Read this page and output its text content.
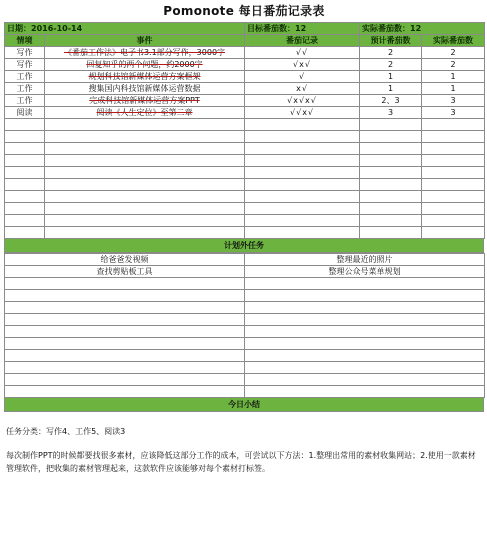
Pomonote 每日番茄记录表
日期：2016-10-14		目标番茄数：12	实际番茄数：12	
情境	事件	番茄记录	预计番茄数	实际番茄数
写作	《番茄工作法》电子书3.1部分写作，3000字	√√	2	2
写作	回复知乎的两个问题，约2000字	√x√	2	2
工作	规划科技馆新媒体运营方案框架	√	1	1
工作	搜集国内科技馆新媒体运营数据	x√	1	1
工作	完成科技馆新媒体运营方案PPT	√x√x√	2、3	3
阅读	阅读《人生定位》至第二章	√√x√	3	3

计划外任务
给爸爸发视频	整理最近的照片
查找剪贴板工具	整理公众号菜单规划

今日小结
任务分类：写作4、工作5、阅读3
每次制作PPT的时候都要找很多素材，应该降低这部分工作的成本，可尝试以下方法：1.整理出常用的素材收集网站；2.使用一款素材管理软件，把收集的素材管理起来，这款软件应该能够对每个素材打标签。
